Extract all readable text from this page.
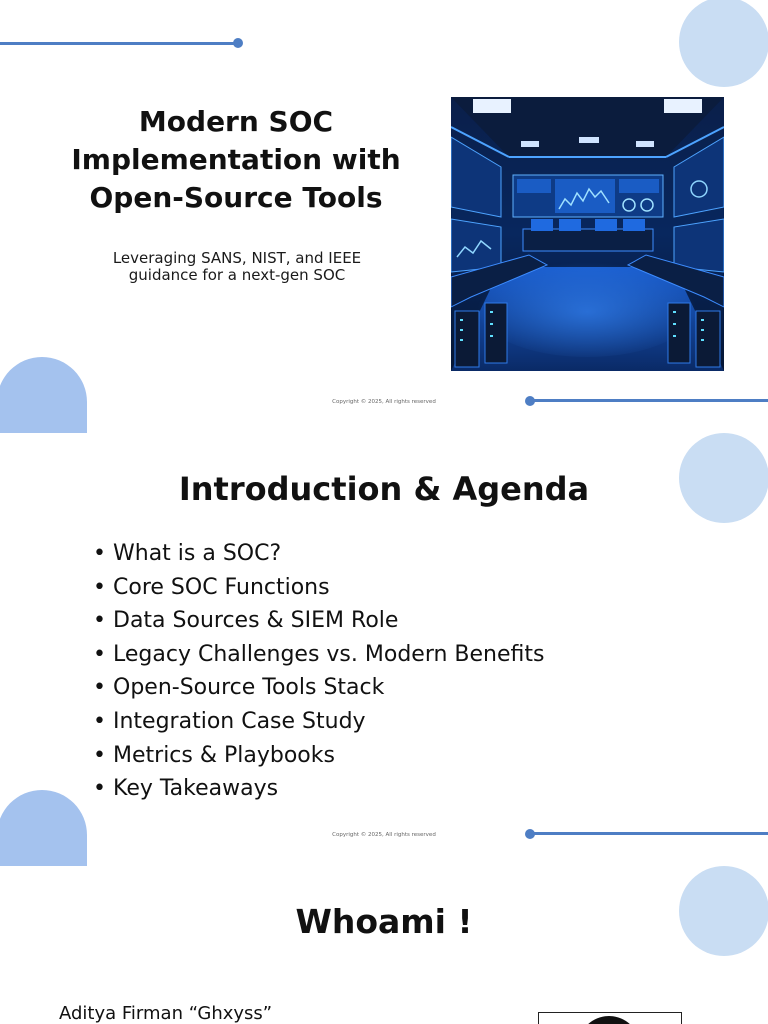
Modern SOC Implementation with Open-Source Tools

Leveraging SANS, NIST, and IEEE guidance for a next-gen SOC

Copyright © 2025, All rights reserved
Introduction & Agenda
• What is a SOC?
• Core SOC Functions
• Data Sources & SIEM Role
• Legacy Challenges vs. Modern Benefits
• Open-Source Tools Stack
• Integration Case Study
• Metrics & Playbooks
• Key Takeaways
Copyright © 2025, All rights reserved
Whoami !

Aditya Firman “Ghxyss”
